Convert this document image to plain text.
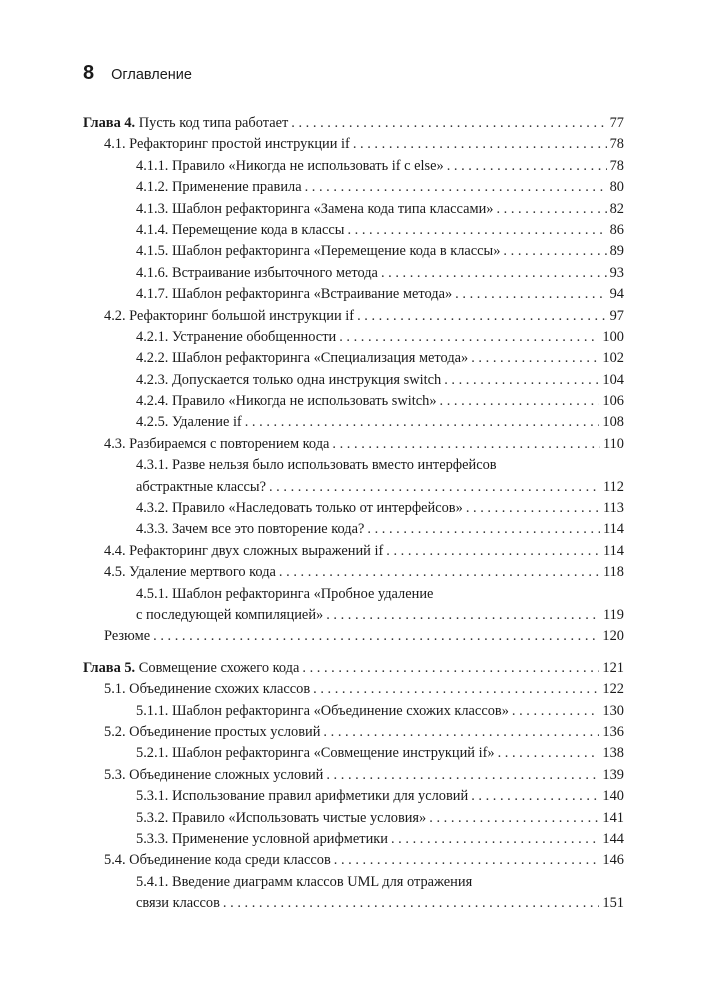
8 Оглавление
Глава 4. Пусть код типа работает . . .	77
4.1. Рефакторинг простой инструкции if . . .	78
4.1.1. Правило «Никогда не использовать if с else» . . .	78
4.1.2. Применение правила . . .	80
4.1.3. Шаблон рефакторинга «Замена кода типа классами» . . .	82
4.1.4. Перемещение кода в классы . . .	86
4.1.5. Шаблон рефакторинга «Перемещение кода в классы» . . .	89
4.1.6. Встраивание избыточного метода . . .	93
4.1.7. Шаблон рефакторинга «Встраивание метода» . . .	94
4.2. Рефакторинг большой инструкции if . . .	97
4.2.1. Устранение обобщенности . . .	100
4.2.2. Шаблон рефакторинга «Специализация метода» . . .	102
4.2.3. Допускается только одна инструкция switch . . .	104
4.2.4. Правило «Никогда не использовать switch» . . .	106
4.2.5. Удаление if . . .	108
4.3. Разбираемся с повторением кода . . .	110
4.3.1. Разве нельзя было использовать вместо интерфейсов
абстрактные классы? . . .	112
4.3.2. Правило «Наследовать только от интерфейсов» . . .	113
4.3.3. Зачем все это повторение кода? . . .	114
4.4. Рефакторинг двух сложных выражений if . . .	114
4.5. Удаление мертвого кода . . .	118
4.5.1. Шаблон рефакторинга «Пробное удаление
с последующей компиляцией» . . .	119
Резюме . . .	120
Глава 5. Совмещение схожего кода . . .	121
5.1. Объединение схожих классов . . .	122
5.1.1. Шаблон рефакторинга «Объединение схожих классов» . . .	130
5.2. Объединение простых условий . . .	136
5.2.1. Шаблон рефакторинга «Совмещение инструкций if» . . .	138
5.3. Объединение сложных условий . . .	139
5.3.1. Использование правил арифметики для условий . . .	140
5.3.2. Правило «Использовать чистые условия» . . .	141
5.3.3. Применение условной арифметики . . .	144
5.4. Объединение кода среди классов . . .	146
5.4.1. Введение диаграмм классов UML для отражения
связи классов . . .	151
